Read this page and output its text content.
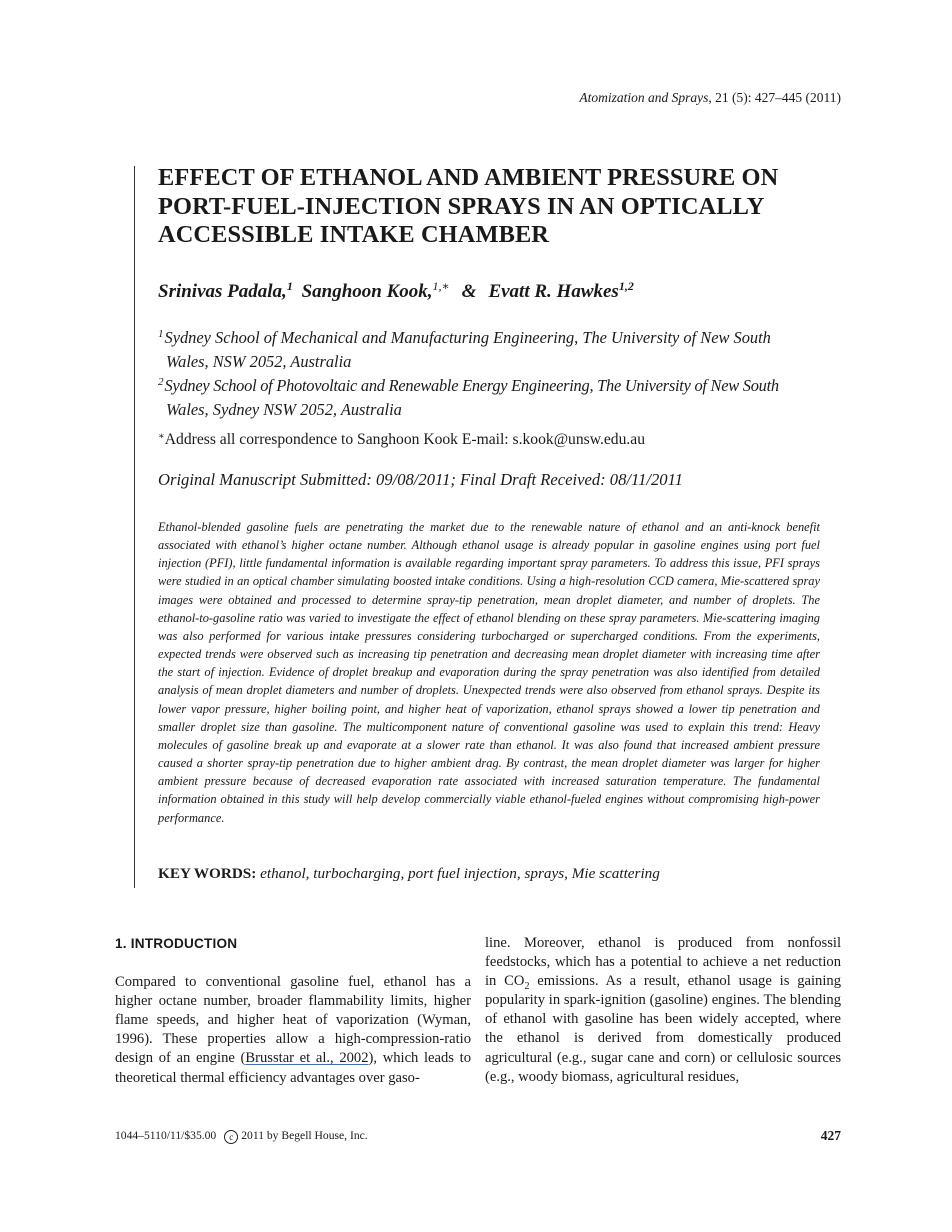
Atomization and Sprays, 21 (5): 427–445 (2011)
EFFECT OF ETHANOL AND AMBIENT PRESSURE ON PORT-FUEL-INJECTION SPRAYS IN AN OPTICALLY ACCESSIBLE INTAKE CHAMBER
Srinivas Padala,$^1$ Sanghoon Kook,$^{1,∗}$ & Evatt R. Hawkes$^{1,2}$
$^1$Sydney School of Mechanical and Manufacturing Engineering, The University of New South
Wales, NSW 2052, Australia
$^2$Sydney School of Photovoltaic and Renewable Energy Engineering, The University of New South
Wales, Sydney NSW 2052, Australia
∗Address all correspondence to Sanghoon Kook E-mail: s.kook@unsw.edu.au
Original Manuscript Submitted: 09/08/2011; Final Draft Received: 08/11/2011

Ethanol-blended gasoline fuels are penetrating the market due to the renewable nature of ethanol and an anti-knock benefit associated with ethanol’s higher octane number. Although ethanol usage is already popular in gasoline engines using port fuel injection (PFI), little fundamental information is available regarding important spray parameters. To address this issue, PFI sprays were studied in an optical chamber simulating boosted intake conditions. Using a high-resolution CCD camera, Mie-scattered spray images were obtained and processed to determine spray-tip penetration, mean droplet diameter, and number of droplets. The ethanol-to-gasoline ratio was varied to investigate the effect of ethanol blending on these spray parameters. Mie-scattering imaging was also performed for various intake pressures considering turbocharged or supercharged conditions. From the experiments, expected trends were observed such as increasing tip penetration and decreasing mean droplet diameter with increasing time after the start of injection. Evidence of droplet breakup and evaporation during the spray penetration was also identified from detailed analysis of mean droplet diameters and number of droplets. Unexpected trends were also observed from ethanol sprays. Despite its lower vapor pressure, higher boiling point, and higher heat of vaporization, ethanol sprays showed a lower tip penetration and smaller droplet size than gasoline. The multicomponent nature of conventional gasoline was used to explain this trend: Heavy molecules of gasoline break up and evaporate at a slower rate than ethanol. It was also found that increased ambient pressure caused a shorter spray-tip penetration due to higher ambient drag. By contrast, the mean droplet diameter was larger for higher ambient pressure because of decreased evaporation rate associated with increased saturation temperature. The fundamental information obtained in this study will help develop commercially viable ethanol-fueled engines without compromising high-power performance.

KEY WORDS: ethanol, turbocharging, port fuel injection, sprays, Mie scattering
1. INTRODUCTION

Compared to conventional gasoline fuel, ethanol has a higher octane number, broader flammability limits, higher flame speeds, and higher heat of vaporization (Wyman, 1996). These properties allow a high-compression-ratio design of an engine (Brusstar et al., 2002), which leads to theoretical thermal efficiency advantages over gaso-

line. Moreover, ethanol is produced from nonfossil feedstocks, which has a potential to achieve a net reduction in $CO_2$ emissions. As a result, ethanol usage is gaining popularity in spark-ignition (gasoline) engines. The blending of ethanol with gasoline has been widely accepted, where the ethanol is derived from domestically produced agricultural (e.g., sugar cane and corn) or cellulosic sources (e.g., woody biomass, agricultural residues,

1044–5110/11/$35.00 c 2011 by Begell House, Inc.	427
